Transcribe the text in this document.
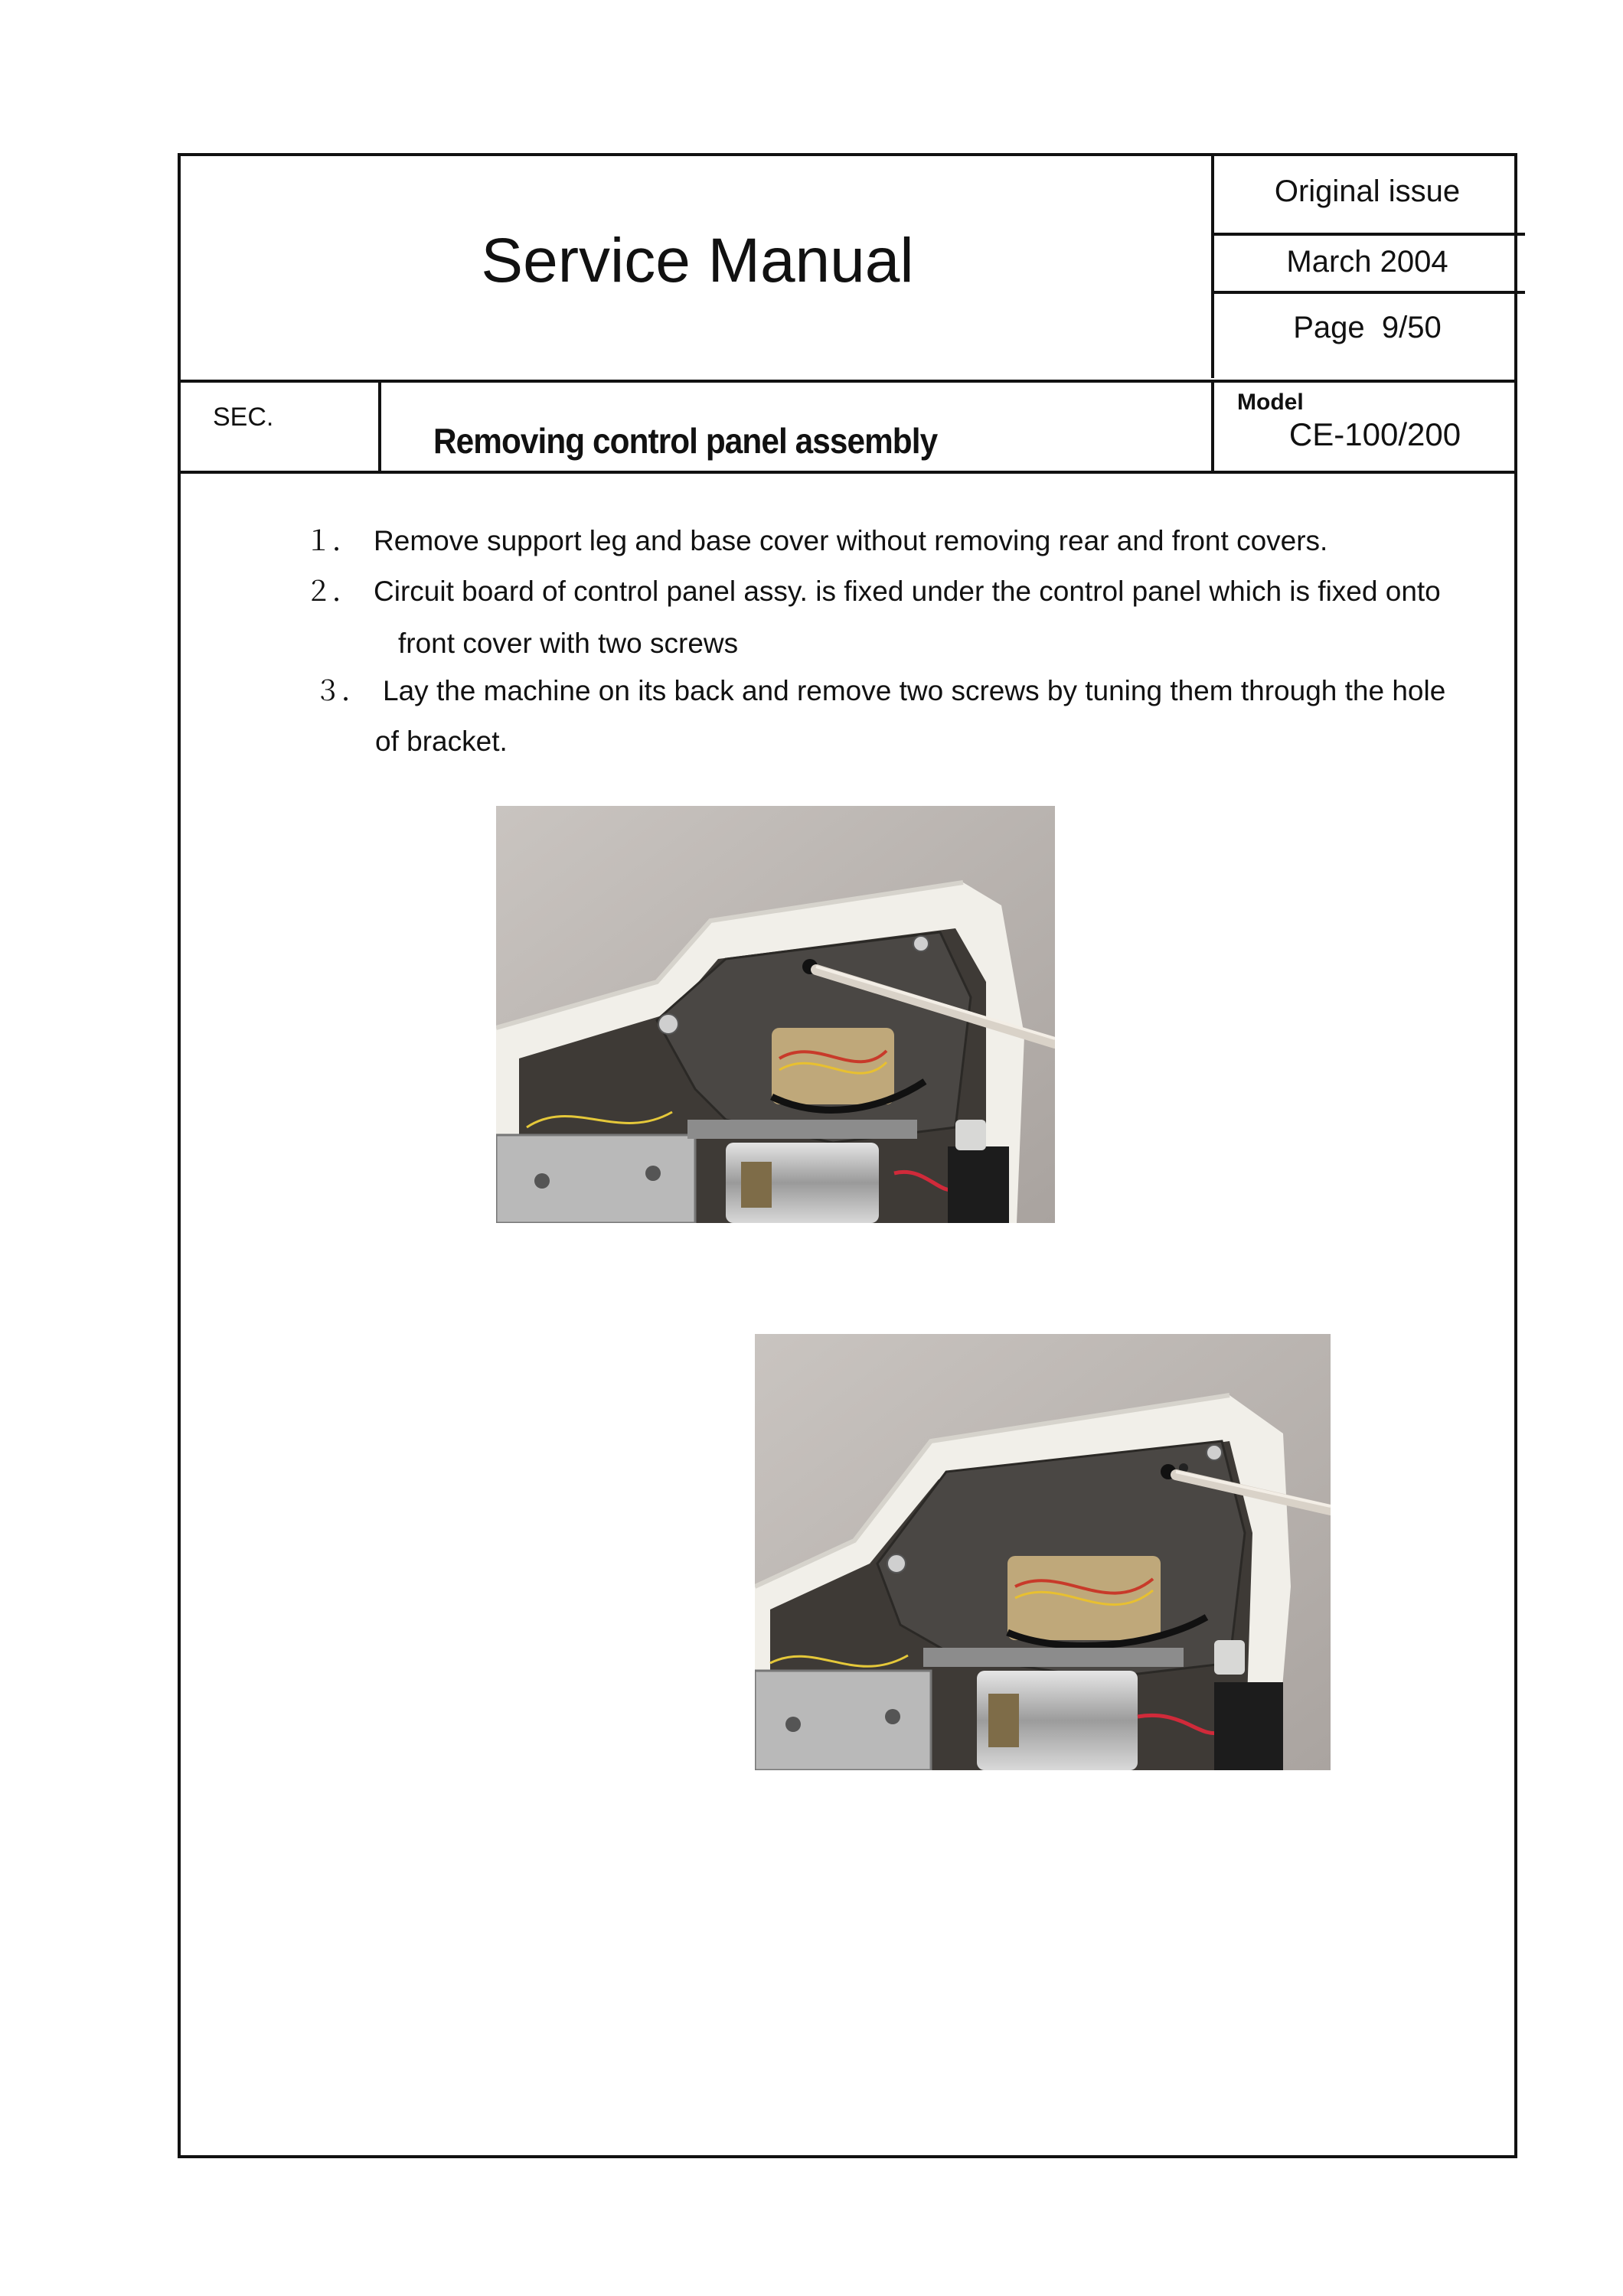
Service Manual
Original issue
March 2004
Page  9/50
SEC.
Removing control panel assembly
Model
CE-100/200
１． Remove support leg and base cover without removing rear and front covers.
２． Circuit board of control panel assy. is fixed under the control panel which is fixed onto
front cover with two screws
３． Lay the machine on its back and remove two screws by tuning them through the hole
of bracket.
